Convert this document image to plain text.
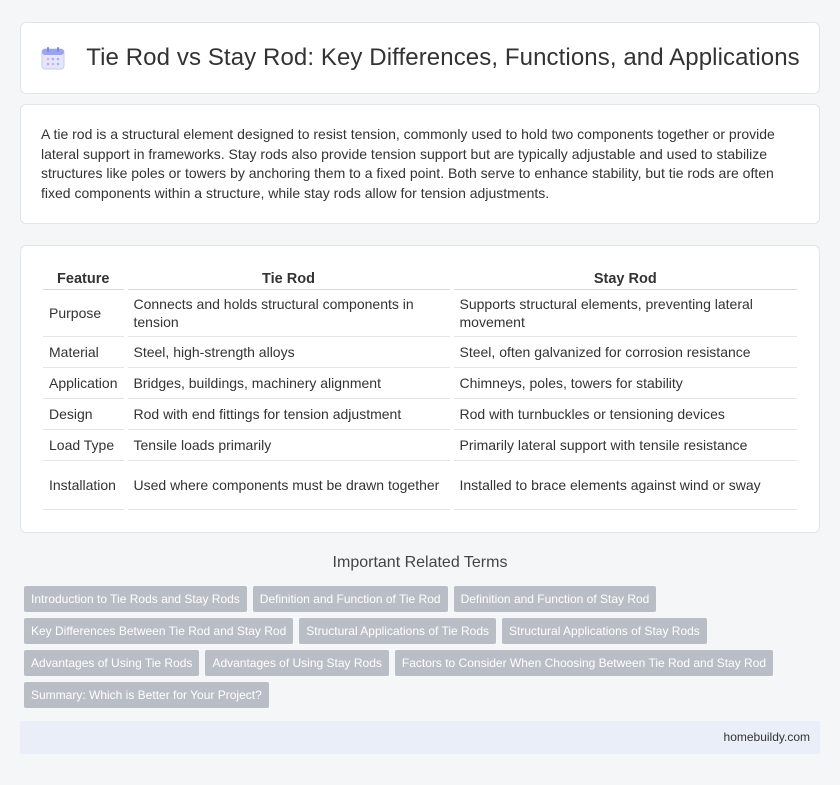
Tie Rod vs Stay Rod: Key Differences, Functions, and Applications

A tie rod is a structural element designed to resist tension, commonly used to hold two components together or provide lateral support in frameworks. Stay rods also provide tension support but are typically adjustable and used to stabilize structures like poles or towers by anchoring them to a fixed point. Both serve to enhance stability, but tie rods are often fixed components within a structure, while stay rods allow for tension adjustments.

Feature	Tie Rod	Stay Rod
Purpose	Connects and holds structural components in tension	Supports structural elements, preventing lateral movement
Material	Steel, high-strength alloys	Steel, often galvanized for corrosion resistance
Application	Bridges, buildings, machinery alignment	Chimneys, poles, towers for stability
Design	Rod with end fittings for tension adjustment	Rod with turnbuckles or tensioning devices
Load Type	Tensile loads primarily	Primarily lateral support with tensile resistance
Installation	Used where components must be drawn together	Installed to brace elements against wind or sway
Important Related Terms
Introduction to Tie Rods and Stay Rods	Definition and Function of Tie Rod	Definition and Function of Stay Rod
Key Differences Between Tie Rod and Stay Rod	Structural Applications of Tie Rods	Structural Applications of Stay Rods
Advantages of Using Tie Rods	Advantages of Using Stay Rods	Factors to Consider When Choosing Between Tie Rod and Stay Rod
Summary: Which is Better for Your Project?
homebuildy.com
